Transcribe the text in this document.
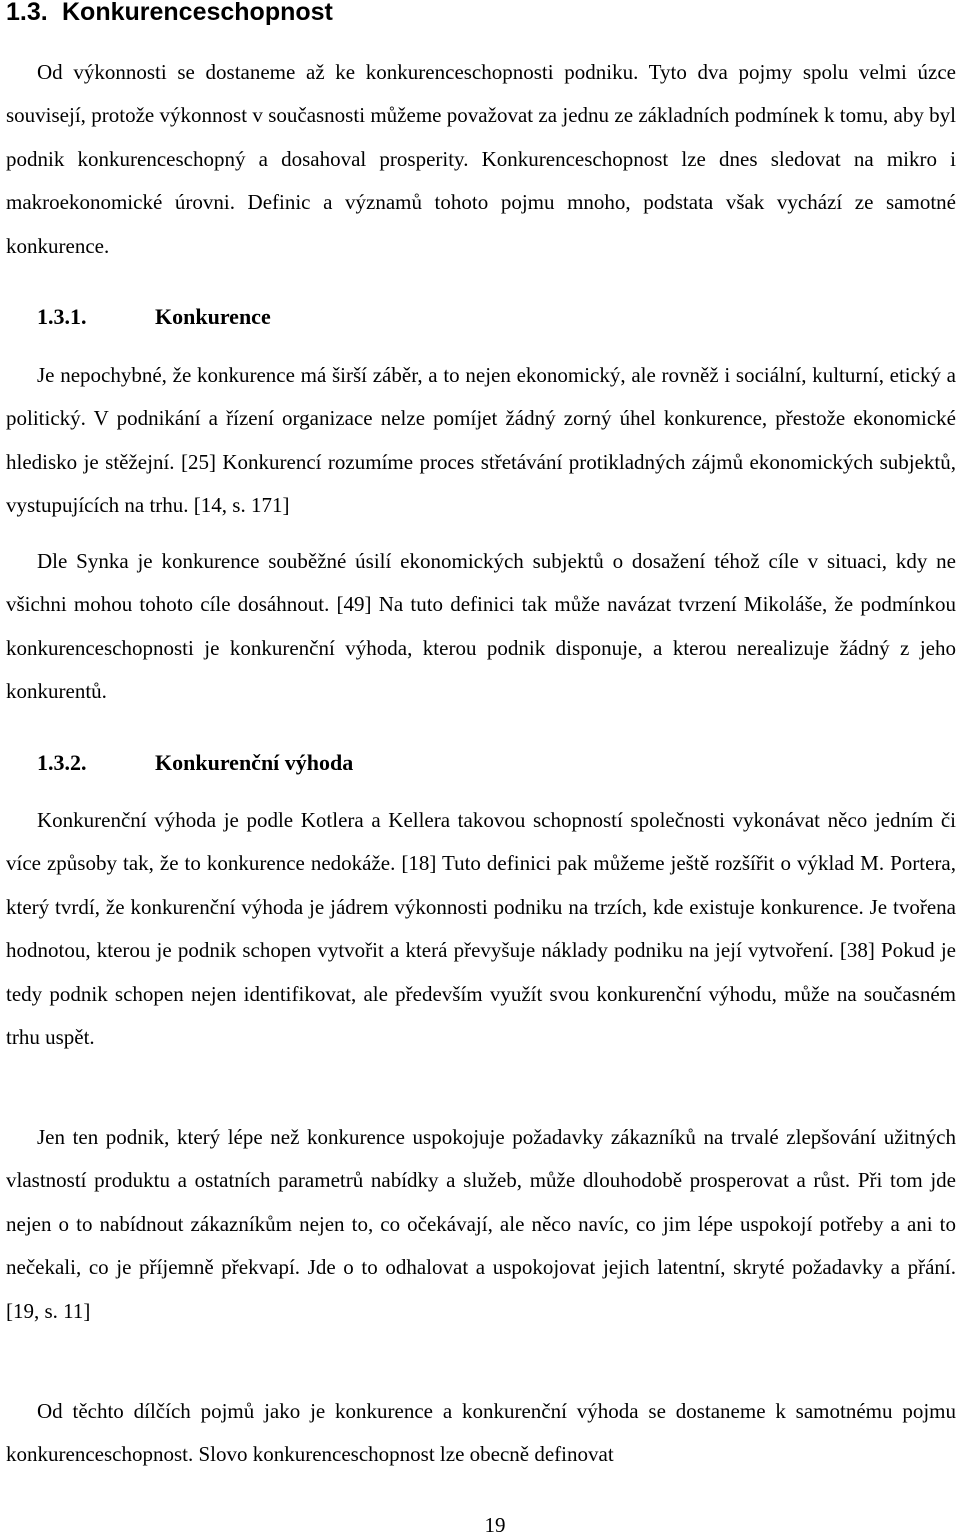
1.3. Konkurenceschopnost

Od výkonnosti se dostaneme až ke konkurenceschopnosti podniku. Tyto dva pojmy spolu velmi úzce souvisejí, protože výkonnost v současnosti můžeme považovat za jednu ze základních podmínek k tomu, aby byl podnik konkurenceschopný a dosahoval prosperity. Konkurenceschopnost lze dnes sledovat na mikro i makroekonomické úrovni. Definic a významů tohoto pojmu mnoho, podstata však vychází ze samotné konkurence.

1.3.1.	Konkurence

Je nepochybné, že konkurence má širší záběr, a to nejen ekonomický, ale rovněž i sociální, kulturní, etický a politický. V podnikání a řízení organizace nelze pomíjet žádný zorný úhel konkurence, přestože ekonomické hledisko je stěžejní. [25] Konkurencí rozumíme proces střetávání protikladných zájmů ekonomických subjektů, vystupujících na trhu. [14, s. 171]

Dle Synka je konkurence souběžné úsilí ekonomických subjektů o dosažení téhož cíle v situaci, kdy ne všichni mohou tohoto cíle dosáhnout. [49] Na tuto definici tak může navázat tvrzení Mikoláše, že podmínkou konkurenceschopnosti je konkurenční výhoda, kterou podnik disponuje, a kterou nerealizuje žádný z jeho konkurentů.

1.3.2.	Konkurenční výhoda

Konkurenční výhoda je podle Kotlera a Kellera takovou schopností společnosti vykonávat něco jedním či více způsoby tak, že to konkurence nedokáže. [18] Tuto definici pak můžeme ještě rozšířit o výklad M. Portera, který tvrdí, že konkurenční výhoda je jádrem výkonnosti podniku na trzích, kde existuje konkurence. Je tvořena hodnotou, kterou je podnik schopen vytvořit a která převyšuje náklady podniku na její vytvoření. [38] Pokud je tedy podnik schopen nejen identifikovat, ale především využít svou konkurenční výhodu, může na současném trhu uspět.

Jen ten podnik, který lépe než konkurence uspokojuje požadavky zákazníků na trvalé zlepšování užitných vlastností produktu a ostatních parametrů nabídky a služeb, může dlouhodobě prosperovat a růst. Při tom jde nejen o to nabídnout zákazníkům nejen to, co očekávají, ale něco navíc, co jim lépe uspokojí potřeby a ani to nečekali, co je příjemně překvapí. Jde o to odhalovat a uspokojovat jejich latentní, skryté požadavky a přání. [19, s. 11]

Od těchto dílčích pojmů jako je konkurence a konkurenční výhoda se dostaneme k samotnému pojmu konkurenceschopnost. Slovo konkurenceschopnost lze obecně definovat

19
